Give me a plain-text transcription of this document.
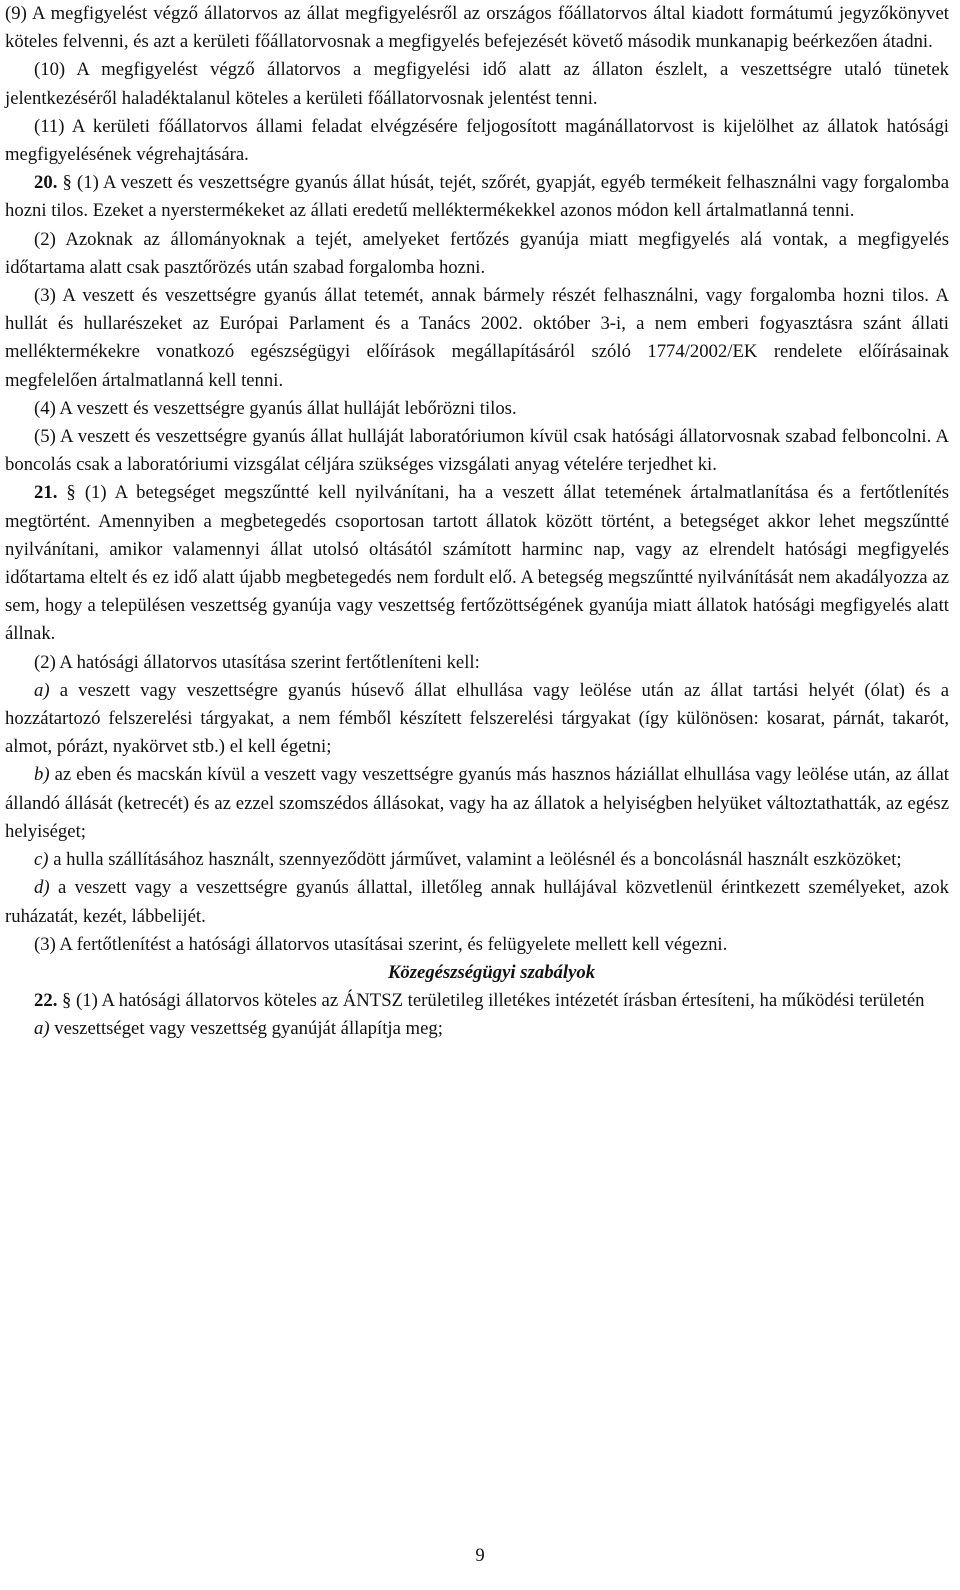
(9) A megfigyelést végző állatorvos az állat megfigyelésről az országos főállatorvos által kiadott formátumú jegyzőkönyvet köteles felvenni, és azt a kerületi főállatorvosnak a megfigyelés befejezését követő második munkanapig beérkezően átadni.

(10) A megfigyelést végző állatorvos a megfigyelési idő alatt az állaton észlelt, a veszettségre utaló tünetek jelentkezéséről haladéktalanul köteles a kerületi főállatorvosnak jelentést tenni.

(11) A kerületi főállatorvos állami feladat elvégzésére feljogosított magánállatorvost is kijelölhet az állatok hatósági megfigyelésének végrehajtására.

20. § (1) A veszett és veszettségre gyanús állat húsát, tejét, szőrét, gyapját, egyéb termékeit felhasználni vagy forgalomba hozni tilos. Ezeket a nyerstermékeket az állati eredetű melléktermékekkel azonos módon kell ártalmatlanná tenni.

(2) Azoknak az állományoknak a tejét, amelyeket fertőzés gyanúja miatt megfigyelés alá vontak, a megfigyelés időtartama alatt csak pasztőrözés után szabad forgalomba hozni.

(3) A veszett és veszettségre gyanús állat tetemét, annak bármely részét felhasználni, vagy forgalomba hozni tilos. A hullát és hullarészeket az Európai Parlament és a Tanács 2002. október 3-i, a nem emberi fogyasztásra szánt állati melléktermékekre vonatkozó egészségügyi előírások megállapításáról szóló 1774/2002/EK rendelete előírásainak megfelelően ártalmatlanná kell tenni.

(4) A veszett és veszettségre gyanús állat hulláját lebőrözni tilos.

(5) A veszett és veszettségre gyanús állat hulláját laboratóriumon kívül csak hatósági állatorvosnak szabad felboncolni. A boncolás csak a laboratóriumi vizsgálat céljára szükséges vizsgálati anyag vételére terjedhet ki.

21. § (1) A betegséget megszűntté kell nyilvánítani, ha a veszett állat tetemének ártalmatlanítása és a fertőtlenítés megtörtént. Amennyiben a megbetegedés csoportosan tartott állatok között történt, a betegséget akkor lehet megszűntté nyilvánítani, amikor valamennyi állat utolsó oltásától számított harminc nap, vagy az elrendelt hatósági megfigyelés időtartama eltelt és ez idő alatt újabb megbetegedés nem fordult elő. A betegség megszűntté nyilvánítását nem akadályozza az sem, hogy a településen veszettség gyanúja vagy veszettség fertőzöttségének gyanúja miatt állatok hatósági megfigyelés alatt állnak.

(2) A hatósági állatorvos utasítása szerint fertőtleníteni kell:

a) a veszett vagy veszettségre gyanús húsevő állat elhullása vagy leölése után az állat tartási helyét (ólat) és a hozzátartozó felszerelési tárgyakat, a nem fémből készített felszerelési tárgyakat (így különösen: kosarat, párnát, takarót, almot, pórázt, nyakörvet stb.) el kell égetni;

b) az eben és macskán kívül a veszett vagy veszettségre gyanús más hasznos háziállat elhullása vagy leölése után, az állat állandó állását (ketrecét) és az ezzel szomszédos állásokat, vagy ha az állatok a helyiségben helyüket változtathatták, az egész helyiséget;

c) a hulla szállításához használt, szennyeződött járművet, valamint a leölésnél és a boncolásnál használt eszközöket;

d) a veszett vagy a veszettségre gyanús állattal, illetőleg annak hullájával közvetlenül érintkezett személyeket, azok ruházatát, kezét, lábbelijét.

(3) A fertőtlenítést a hatósági állatorvos utasításai szerint, és felügyelete mellett kell végezni.

Közegészségügyi szabályok

22. § (1) A hatósági állatorvos köteles az ÁNTSZ területileg illetékes intézetét írásban értesíteni, ha működési területén

a) veszettséget vagy veszettség gyanúját állapítja meg;

9
